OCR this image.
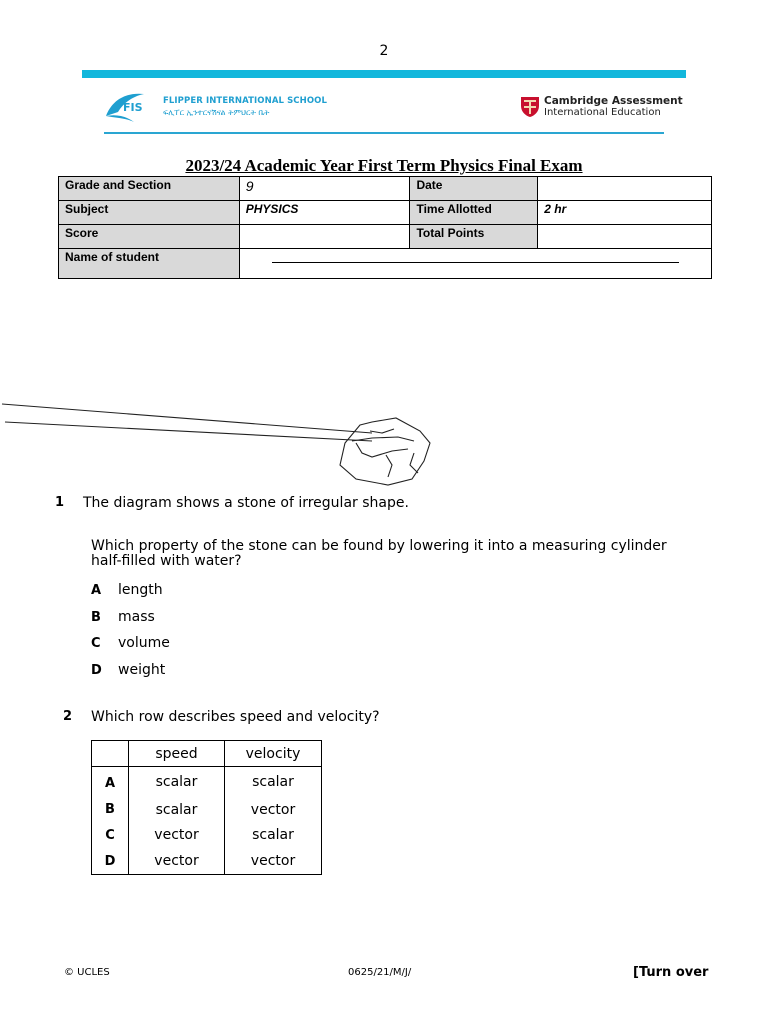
2
FIS FLIPPER INTERNATIONAL SCHOOL
ፍሊፐር ኢንተርናሽናል ትምህርት ቤት
Cambridge Assessment
International Education
2023/24 Academic Year First Term Physics Final Exam
Grade and Section	9	Date	
Subject	PHYSICS	Time Allotted	2 hr
Score		Total Points	
Name of student			
1 The diagram shows a stone of irregular shape.
Which property of the stone can be found by lowering it into a measuring cylinder
half-filled with water?
A length
B mass
C volume
D weight
2 Which row describes speed and velocity?
	speed	velocity
A	scalar	scalar
B	scalar	vector
C	vector	scalar
D	vector	vector
© UCLES	0625/21/M/J/	[Turn over
